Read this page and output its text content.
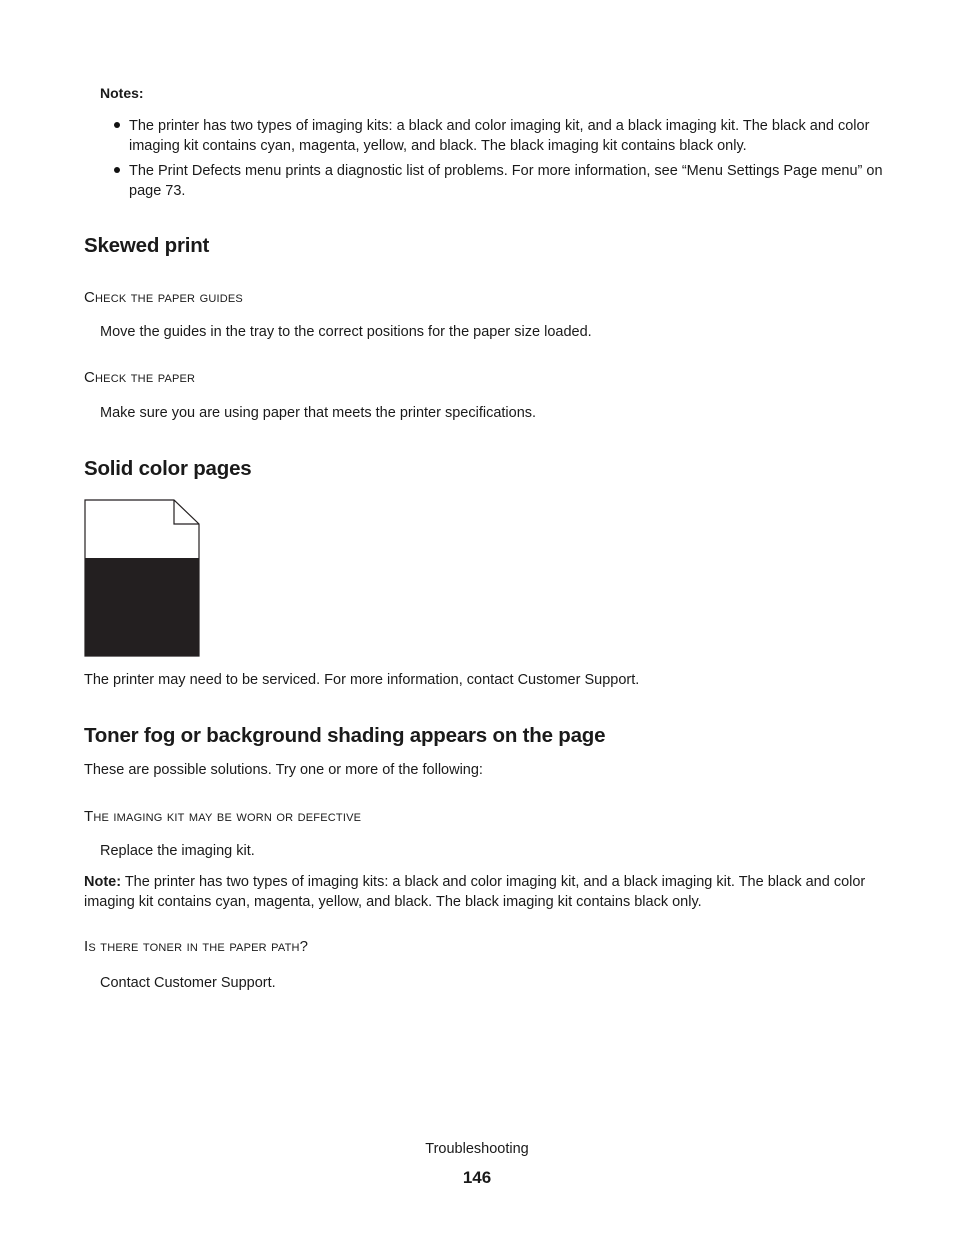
Notes:
The printer has two types of imaging kits: a black and color imaging kit, and a black imaging kit. The black and color imaging kit contains cyan, magenta, yellow, and black. The black imaging kit contains black only.
The Print Defects menu prints a diagnostic list of problems. For more information, see “Menu Settings Page menu” on page 73.
Skewed print
Check the paper guides
Move the guides in the tray to the correct positions for the paper size loaded.
Check the paper
Make sure you are using paper that meets the printer specifications.
Solid color pages
The printer may need to be serviced. For more information, contact Customer Support.
Toner fog or background shading appears on the page
These are possible solutions. Try one or more of the following:
The imaging kit may be worn or defective
Replace the imaging kit.
Note: The printer has two types of imaging kits: a black and color imaging kit, and a black imaging kit. The black and color imaging kit contains cyan, magenta, yellow, and black. The black imaging kit contains black only.
Is there toner in the paper path?
Contact Customer Support.
Troubleshooting
146
